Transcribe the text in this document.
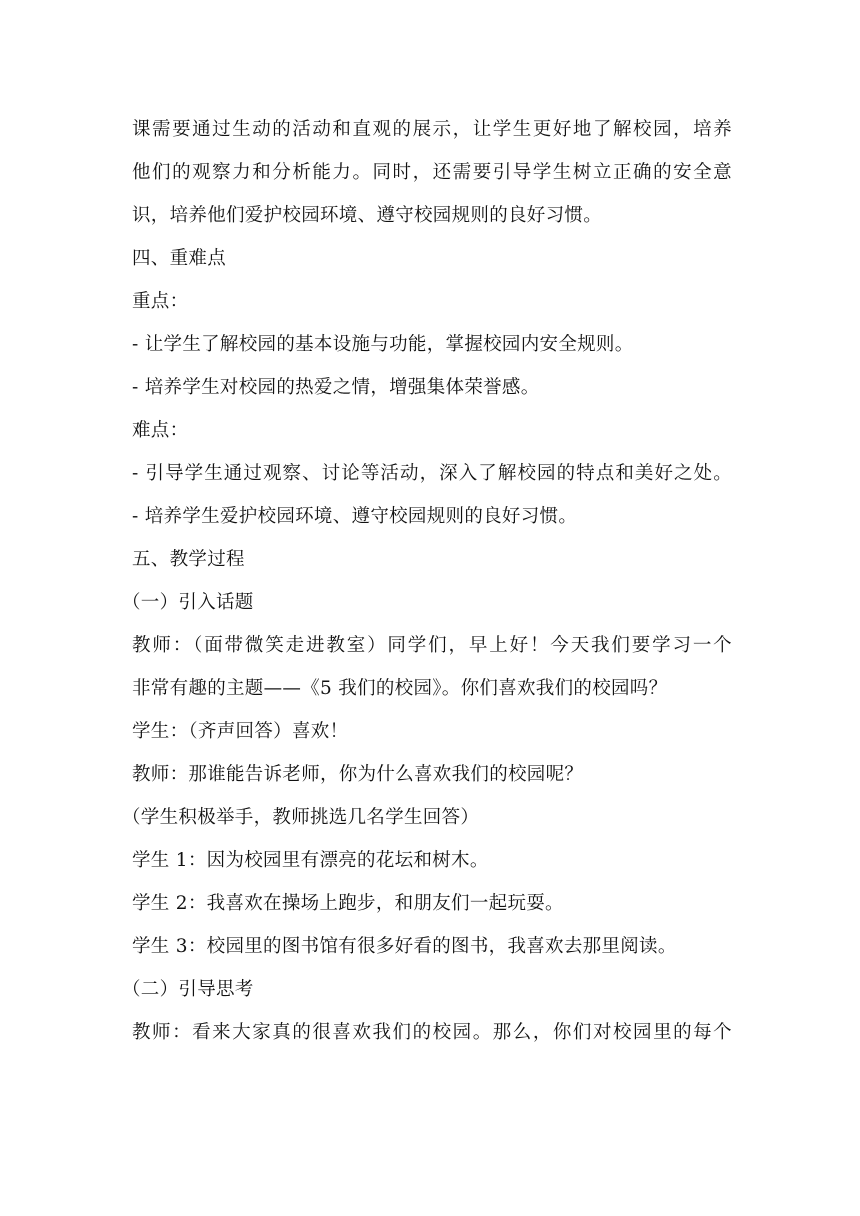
课需要通过生动的活动和直观的展示，让学生更好地了解校园，培养

他们的观察力和分析能力。同时，还需要引导学生树立正确的安全意

识，培养他们爱护校园环境、遵守校园规则的良好习惯。

四、重难点

重点：

- 让学生了解校园的基本设施与功能，掌握校园内安全规则。

- 培养学生对校园的热爱之情，增强集体荣誉感。

难点：

- 引导学生通过观察、讨论等活动，深入了解校园的特点和美好之处。

- 培养学生爱护校园环境、遵守校园规则的良好习惯。

五、教学过程

（一）引入话题

教师：（面带微笑走进教室）同学们，早上好！今天我们要学习一个

非常有趣的主题——《5 我们的校园》。你们喜欢我们的校园吗？

学生：（齐声回答）喜欢！

教师：那谁能告诉老师，你为什么喜欢我们的校园呢？

（学生积极举手，教师挑选几名学生回答）

学生 1：因为校园里有漂亮的花坛和树木。

学生 2：我喜欢在操场上跑步，和朋友们一起玩耍。

学生 3：校园里的图书馆有很多好看的图书，我喜欢去那里阅读。

（二）引导思考

教师：看来大家真的很喜欢我们的校园。那么，你们对校园里的每个
